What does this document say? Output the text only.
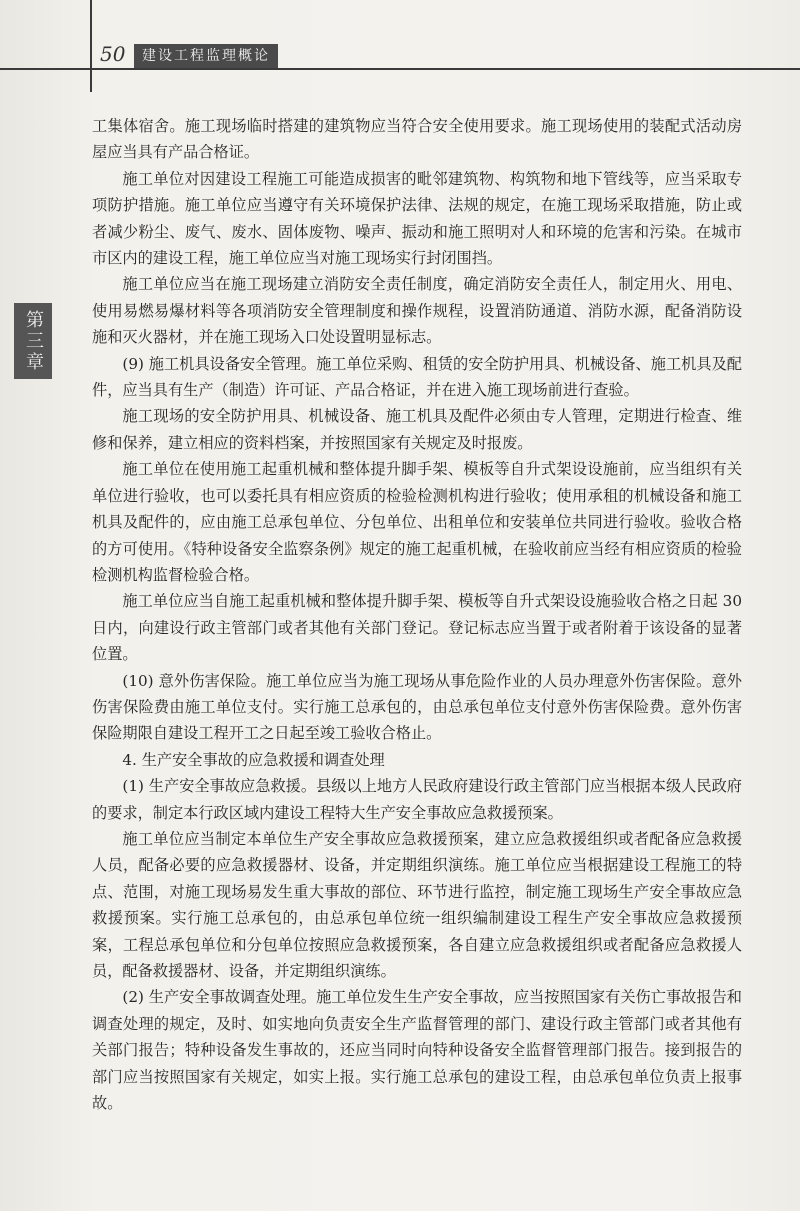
50	建设工程监理概论
第三章

工集体宿舍。施工现场临时搭建的建筑物应当符合安全使用要求。施工现场使用的装配式活动房屋应当具有产品合格证。

施工单位对因建设工程施工可能造成损害的毗邻建筑物、构筑物和地下管线等，应当采取专项防护措施。施工单位应当遵守有关环境保护法律、法规的规定，在施工现场采取措施，防止或者减少粉尘、废气、废水、固体废物、噪声、振动和施工照明对人和环境的危害和污染。在城市市区内的建设工程，施工单位应当对施工现场实行封闭围挡。

施工单位应当在施工现场建立消防安全责任制度，确定消防安全责任人，制定用火、用电、使用易燃易爆材料等各项消防安全管理制度和操作规程，设置消防通道、消防水源，配备消防设施和灭火器材，并在施工现场入口处设置明显标志。

(9) 施工机具设备安全管理。施工单位采购、租赁的安全防护用具、机械设备、施工机具及配件，应当具有生产（制造）许可证、产品合格证，并在进入施工现场前进行查验。

施工现场的安全防护用具、机械设备、施工机具及配件必须由专人管理，定期进行检查、维修和保养，建立相应的资料档案，并按照国家有关规定及时报废。

施工单位在使用施工起重机械和整体提升脚手架、模板等自升式架设设施前，应当组织有关单位进行验收，也可以委托具有相应资质的检验检测机构进行验收；使用承租的机械设备和施工机具及配件的，应由施工总承包单位、分包单位、出租单位和安装单位共同进行验收。验收合格的方可使用。《特种设备安全监察条例》规定的施工起重机械，在验收前应当经有相应资质的检验检测机构监督检验合格。

施工单位应当自施工起重机械和整体提升脚手架、模板等自升式架设设施验收合格之日起 30 日内，向建设行政主管部门或者其他有关部门登记。登记标志应当置于或者附着于该设备的显著位置。

(10) 意外伤害保险。施工单位应当为施工现场从事危险作业的人员办理意外伤害保险。意外伤害保险费由施工单位支付。实行施工总承包的，由总承包单位支付意外伤害保险费。意外伤害保险期限自建设工程开工之日起至竣工验收合格止。

4. 生产安全事故的应急救援和调查处理

(1) 生产安全事故应急救援。县级以上地方人民政府建设行政主管部门应当根据本级人民政府的要求，制定本行政区域内建设工程特大生产安全事故应急救援预案。

施工单位应当制定本单位生产安全事故应急救援预案，建立应急救援组织或者配备应急救援人员，配备必要的应急救援器材、设备，并定期组织演练。施工单位应当根据建设工程施工的特点、范围，对施工现场易发生重大事故的部位、环节进行监控，制定施工现场生产安全事故应急救援预案。实行施工总承包的，由总承包单位统一组织编制建设工程生产安全事故应急救援预案，工程总承包单位和分包单位按照应急救援预案，各自建立应急救援组织或者配备应急救援人员，配备救援器材、设备，并定期组织演练。

(2) 生产安全事故调查处理。施工单位发生生产安全事故，应当按照国家有关伤亡事故报告和调查处理的规定，及时、如实地向负责安全生产监督管理的部门、建设行政主管部门或者其他有关部门报告；特种设备发生事故的，还应当同时向特种设备安全监督管理部门报告。接到报告的部门应当按照国家有关规定，如实上报。实行施工总承包的建设工程，由总承包单位负责上报事故。
